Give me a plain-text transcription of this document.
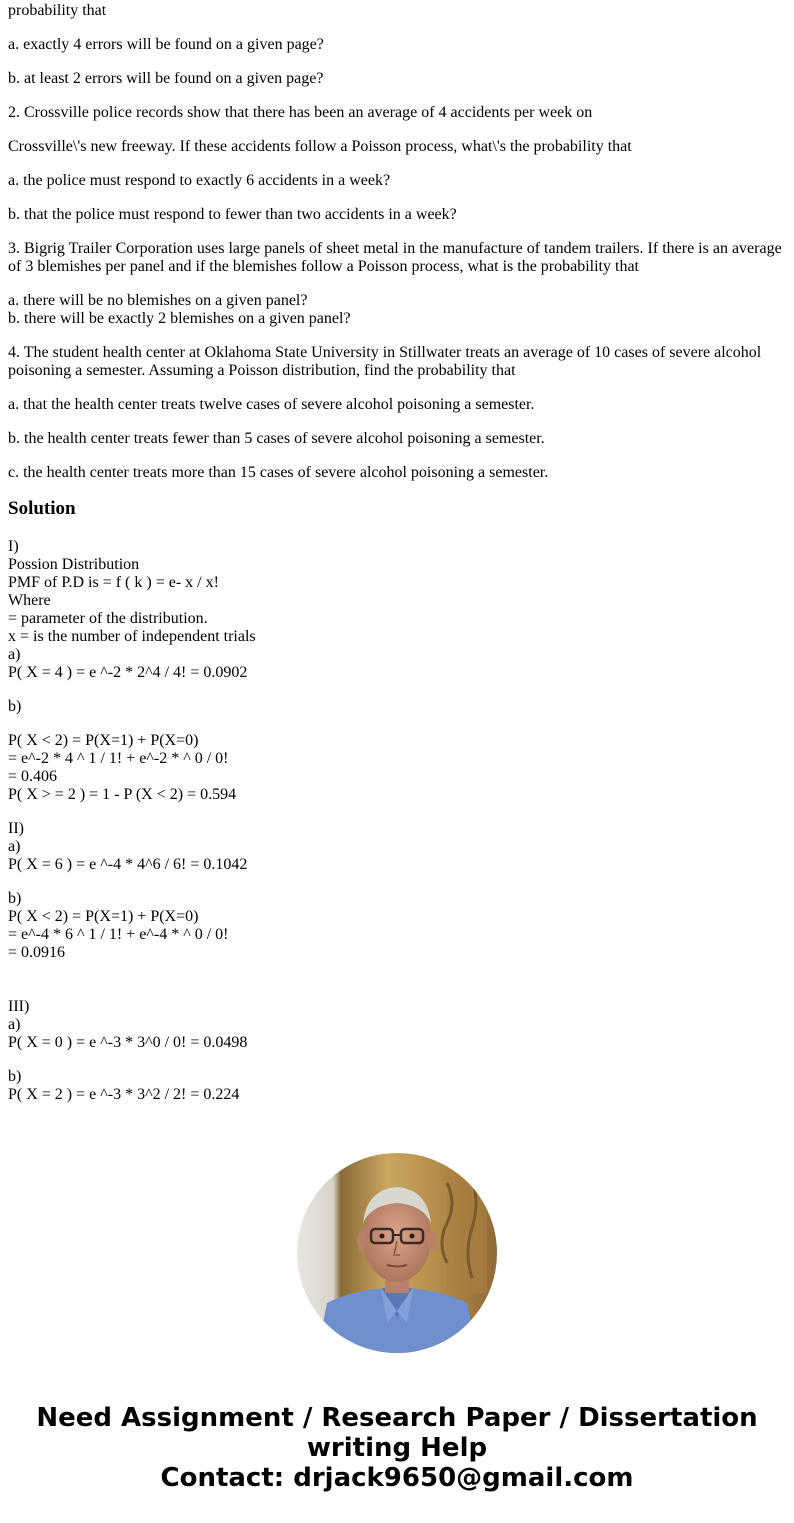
probability that

a. exactly 4 errors will be found on a given page?

b. at least 2 errors will be found on a given page?

2. Crossville police records show that there has been an average of 4 accidents per week on

Crossville\'s new freeway. If these accidents follow a Poisson process, what\'s the probability that

a. the police must respond to exactly 6 accidents in a week?

b. that the police must respond to fewer than two accidents in a week?

3. Bigrig Trailer Corporation uses large panels of sheet metal in the manufacture of tandem trailers. If there is an average of 3 blemishes per panel and if the blemishes follow a Poisson process, what is the probability that

a. there will be no blemishes on a given panel?
b. there will be exactly 2 blemishes on a given panel?

4. The student health center at Oklahoma State University in Stillwater treats an average of 10 cases of severe alcohol poisoning a semester. Assuming a Poisson distribution, find the probability that

a. that the health center treats twelve cases of severe alcohol poisoning a semester.

b. the health center treats fewer than 5 cases of severe alcohol poisoning a semester.

c. the health center treats more than 15 cases of severe alcohol poisoning a semester.

Solution
I)
Possion Distribution
PMF of P.D is = f ( k ) = e- x / x!
Where
= parameter of the distribution.
x = is the number of independent trials
a)
P( X = 4 ) = e ^-2 * 2^4 / 4! = 0.0902
b)
P( X < 2) = P(X=1) + P(X=0)
= e^-2 * 4 ^ 1 / 1! + e^-2 * ^ 0 / 0!
= 0.406
P( X > = 2 ) = 1 - P (X < 2) = 0.594
II)
a)
P( X = 6 ) = e ^-4 * 4^6 / 6! = 0.1042
b)
P( X < 2) = P(X=1) + P(X=0)
= e^-4 * 6 ^ 1 / 1! + e^-4 * ^ 0 / 0!
= 0.0916
III)
a)
P( X = 0 ) = e ^-3 * 3^0 / 0! = 0.0498
b)
P( X = 2 ) = e ^-3 * 3^2 / 2! = 0.224
Need Assignment / Research Paper / Dissertation
writing Help
Contact: drjack9650@gmail.com
